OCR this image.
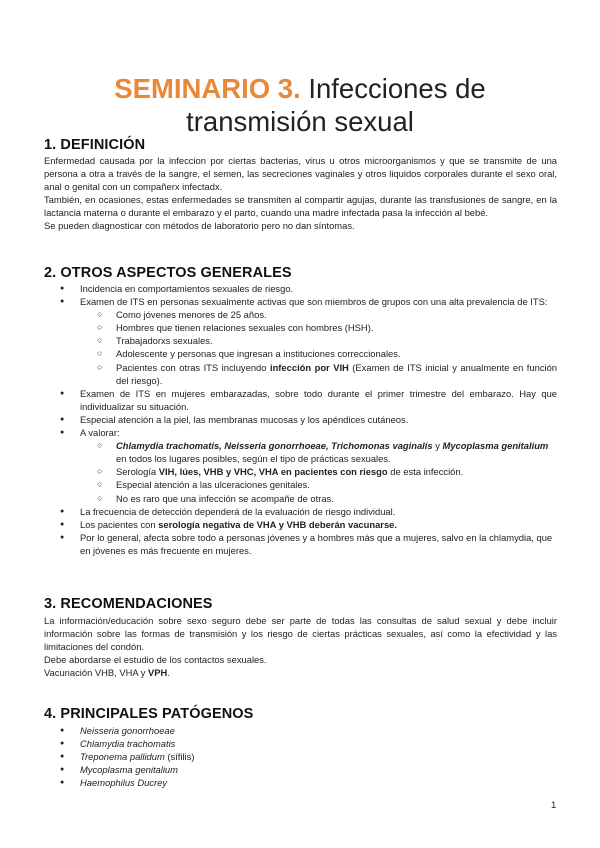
SEMINARIO 3. Infecciones de
transmisión sexual
1. DEFINICIÓN

Enfermedad causada por la infeccion por ciertas bacterias, virus u otros microorganismos y que se transmite de una persona a otra a través de la sangre, el semen, las secreciones vaginales y otros liquidos corporales durante el sexo oral, anal o genital con un compañerx infectadx.

También, en ocasiones, estas enfermedades se transmiten al compartir agujas, durante las transfusiones de sangre, en la lactancia materna o durante el embarazo y el parto, cuando una madre infectada pasa la infección al bebé.

Se pueden diagnosticar con métodos de laboratorio pero no dan síntomas.

2. OTROS ASPECTOS GENERALES
● Incidencia en comportamientos sexuales de riesgo.
● Examen de ITS en personas sexualmente activas que son miembros de grupos con una alta prevalencia de ITS:
○ Como jóvenes menores de 25 años.
○ Hombres que tienen relaciones sexuales con hombres (HSH).
○ Trabajadorxs sexuales.
○ Adolescente y personas que ingresan a instituciones correccionales.
○ Pacientes con otras ITS incluyendo infección por VIH (Examen de ITS inicial y anualmente en función del riesgo).
● Examen de ITS en mujeres embarazadas, sobre todo durante el primer trimestre del embarazo. Hay que individualizar su situación.
● Especial atención a la piel, las membranas mucosas y los apéndices cutáneos.
● A valorar:
○ Chlamydia trachomatis, Neisseria gonorrhoeae, Trichomonas vaginalis y Mycoplasma genitalium en todos los lugares posibles, según el tipo de prácticas sexuales.
○ Serología VIH, lúes, VHB y VHC, VHA en pacientes con riesgo de esta infección.
○ Especial atención a las ulceraciones genitales.
○ No es raro que una infección se acompañe de otras.
● La frecuencia de detección dependerá de la evaluación de riesgo individual.
● Los pacientes con serología negativa de VHA y VHB deberán vacunarse.
● Por lo general, afecta sobre todo a personas jóvenes y a hombres más que a mujeres, salvo en la chlamydia, que en jóvenes es más frecuente en mujeres.
3. RECOMENDACIONES

La información/educación sobre sexo seguro debe ser parte de todas las consultas de salud sexual y debe incluir información sobre las formas de transmisión y los riesgo de ciertas prácticas sexuales, así como la efectividad y las limitaciones del condón.

Debe abordarse el estudio de los contactos sexuales.

Vacunación VHB, VHA y VPH.

4. PRINCIPALES PATÓGENOS
● Neisseria gonorrhoeae
● Chlamydia trachomatis
● Treponema pallidum (sífilis)
● Mycoplasma genitalium
● Haemophilus Ducrey
1
